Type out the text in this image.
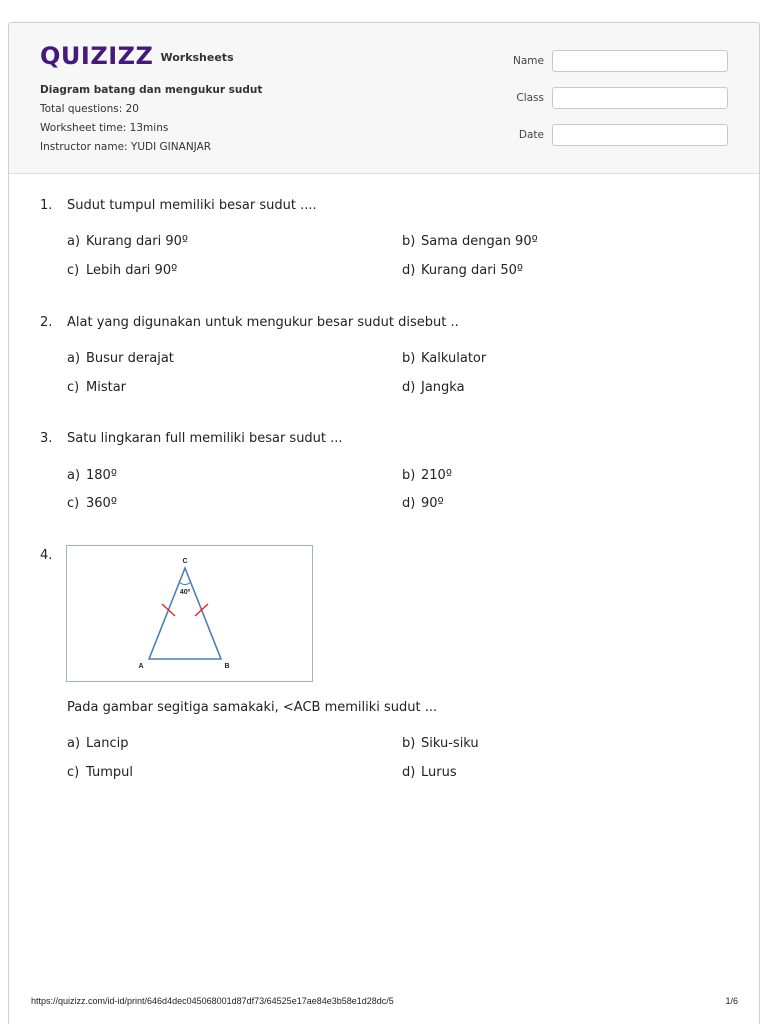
QUIZIZZ Worksheets
Diagram batang dan mengukur sudut
Total questions: 20
Worksheet time: 13mins
Instructor name: YUDI GINANJAR
Name
Class
Date
1.	Sudut tumpul memiliki besar sudut ....
a) Kurang dari 90º	b) Sama dengan 90º
c) Lebih dari 90º	d) Kurang dari 50º
2.	Alat yang digunakan untuk mengukur besar sudut disebut ..
a) Busur derajat	b) Kalkulator
c) Mistar	d) Jangka
3.	Satu lingkaran full memiliki besar sudut ...
a) 180º	b) 210º
c) 360º	d) 90º
4.	C
40º
A	B
Pada gambar segitiga samakaki, <ACB memiliki sudut ...
a) Lancip	b) Siku-siku
c) Tumpul	d) Lurus
https://quizizz.com/id-id/print/646d4dec045068001d87df73/64525e17ae84e3b58e1d28dc/5	1/6
